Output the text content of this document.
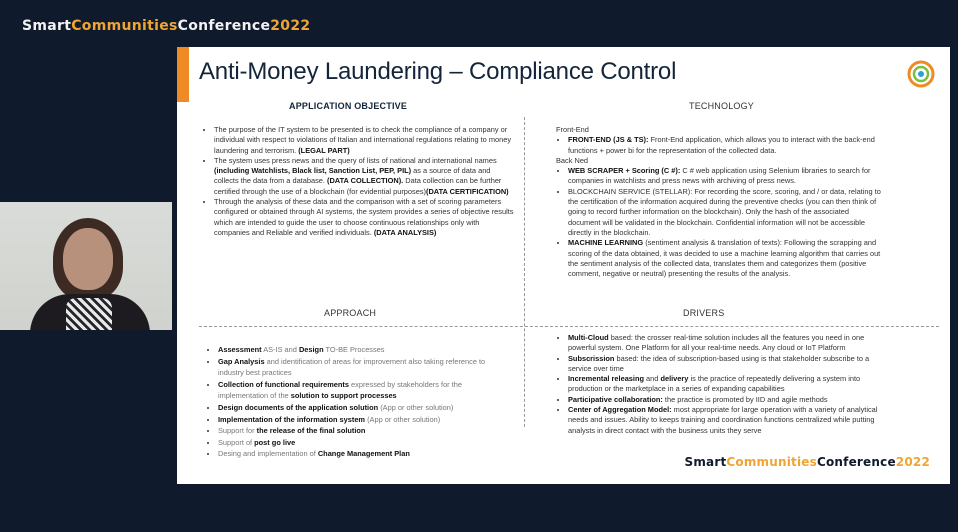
SmartCommunitiesConference2022
Anti-Money Laundering – Compliance Control
APPLICATION OBJECTIVE	TECHNOLOGY
• The purpose of the IT system to be presented is to check the compliance of a company or individual with respect to violations of Italian and international regulations relating to money laundering and terrorism. (LEGAL PART)
• The system uses press news and the query of lists of national and international names (including Watchlists, Black list, Sanction List, PEP, PIL) as a source of data and collects the data from a database. (DATA COLLECTION). Data collection can be further certified through the use of a blockchain (for evidential purposes)(DATA CERTIFICATION)
• Through the analysis of these data and the comparison with a set of scoring parameters configured or obtained through AI systems, the system provides a series of objective results which are intended to guide the user to choose continuous relationships only with companies and Reliable and verified individuals. (DATA ANALYSIS)
Front-End
• FRONT-END (JS & TS): Front-End application, which allows you to interact with the back-end functions + power bi for the representation of the collected data.
Back Ned
• WEB SCRAPER + Scoring (C #): C # web application using Selenium libraries to search for companies in watchlists and press news with archiving of press news.
• BLOCKCHAIN SERVICE (STELLAR): For recording the score, scoring, and / or data, relating to the certification of the information acquired during the preventive checks (you can then think of going to record further information on the blockchain). Only the hash of the associated document will be validated in the blockchain. Confidential information will not be accessible directly in the blockchain.
• MACHINE LEARNING (sentiment analysis & translation of texts): Following the scrapping and scoring of the data obtained, it was decided to use a machine learning algorithm that carries out the sentiment analysis of the collected data, translates them and categorizes them (positive comment, negative or neutral) presenting the results of the analysis.
APPROACH	DRIVERS
• Assessment AS-IS and Design TO-BE Processes
• Gap Analysis and identification of areas for improvement also taking reference to industry best practices
• Collection of functional requirements expressed by stakeholders for the implementation of the solution to support processes
• Design documents of the application solution (App or other solution)
• Implementation of the information system (App or other solution)
• Support for the release of the final solution
• Support of post go live
• Desing and implementation of Change Management Plan
• Multi-Cloud based: the crosser real-time solution includes all the features you need in one powerful system. One Platform for all your real-time needs. Any cloud or IoT Platform
• Subscrission based: the idea of subscription-based using is that stakeholder subscribe to a service over time
• Incremental releasing and delivery is the practice of repeatedly delivering a system into production or the marketplace in a series of expanding capabilities
• Participative collaboration: the practice is promoted by IID and agile methods
• Center of Aggregation Model: most appropriate for large operation with a variety of analytical needs and issues. Ability to keeps training and coordination functions centralized while putting analysts in direct contact with the business units they serve
SmartCommunitiesConference2022
